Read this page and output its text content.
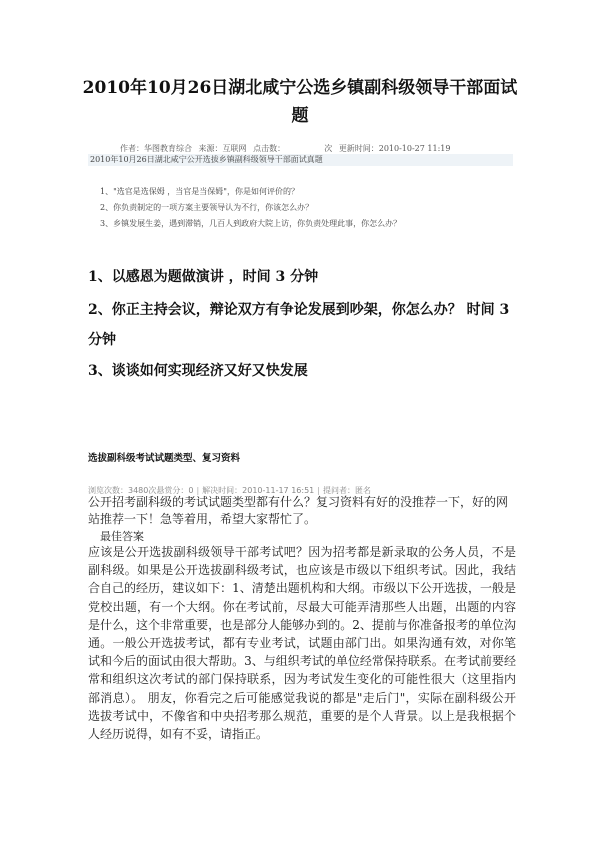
2010年10月26日湖北咸宁公选乡镇副科级领导干部面试
题
作者：华图教育综合 来源：互联网 点击数：	次 更新时间：2010-10-27 11:19
2010年10月26日湖北咸宁公开选拔乡镇副科级领导干部面试真题
1、"选官是选保姆 ，当官是当保姆"，你是如何评价的？
2、你负责制定的一项方案主要领导认为不行，你该怎么办？
3、乡镇发展生姜，遇到滞销，几百人到政府大院上访，你负责处理此事，你怎么办？
1、以感恩为题做演讲 ，时间 3 分钟
2、你正主持会议，辩论双方有争论发展到吵架，你怎么办？ 时间 3 分钟
3、谈谈如何实现经济又好又快发展
选拔副科级考试试题类型、复习资料
浏览次数：3480次悬赏分：0 | 解决时间：2010-11-17 16:51 | 提问者：匿名
公开招考副科级的考试试题类型都有什么？复习资料有好的没推荐一下，好的网站推荐一下！急等着用，希望大家帮忙了。
最佳答案
应该是公开选拔副科级领导干部考试吧？因为招考都是新录取的公务人员，不是副科级。如果是公开选拔副科级考试，也应该是市级以下组织考试。因此，我结合自己的经历，建议如下：1、清楚出题机构和大纲。市级以下公开选拔，一般是党校出题，有一个大纲。你在考试前，尽最大可能弄清那些人出题，出题的内容是什么，这个非常重要，也是部分人能够办到的。2、提前与你准备报考的单位沟通。一般公开选拔考试，都有专业考试，试题由部门出。如果沟通有效，对你笔试和今后的面试由很大帮助。3、与组织考试的单位经常保持联系。在考试前要经常和组织这次考试的部门保持联系，因为考试发生变化的可能性很大（这里指内部消息）。 朋友，你看完之后可能感觉我说的都是"走后门"，实际在副科级公开选拔考试中，不像省和中央招考那么规范，重要的是个人背景。以上是我根据个人经历说得，如有不妥，请指正。
